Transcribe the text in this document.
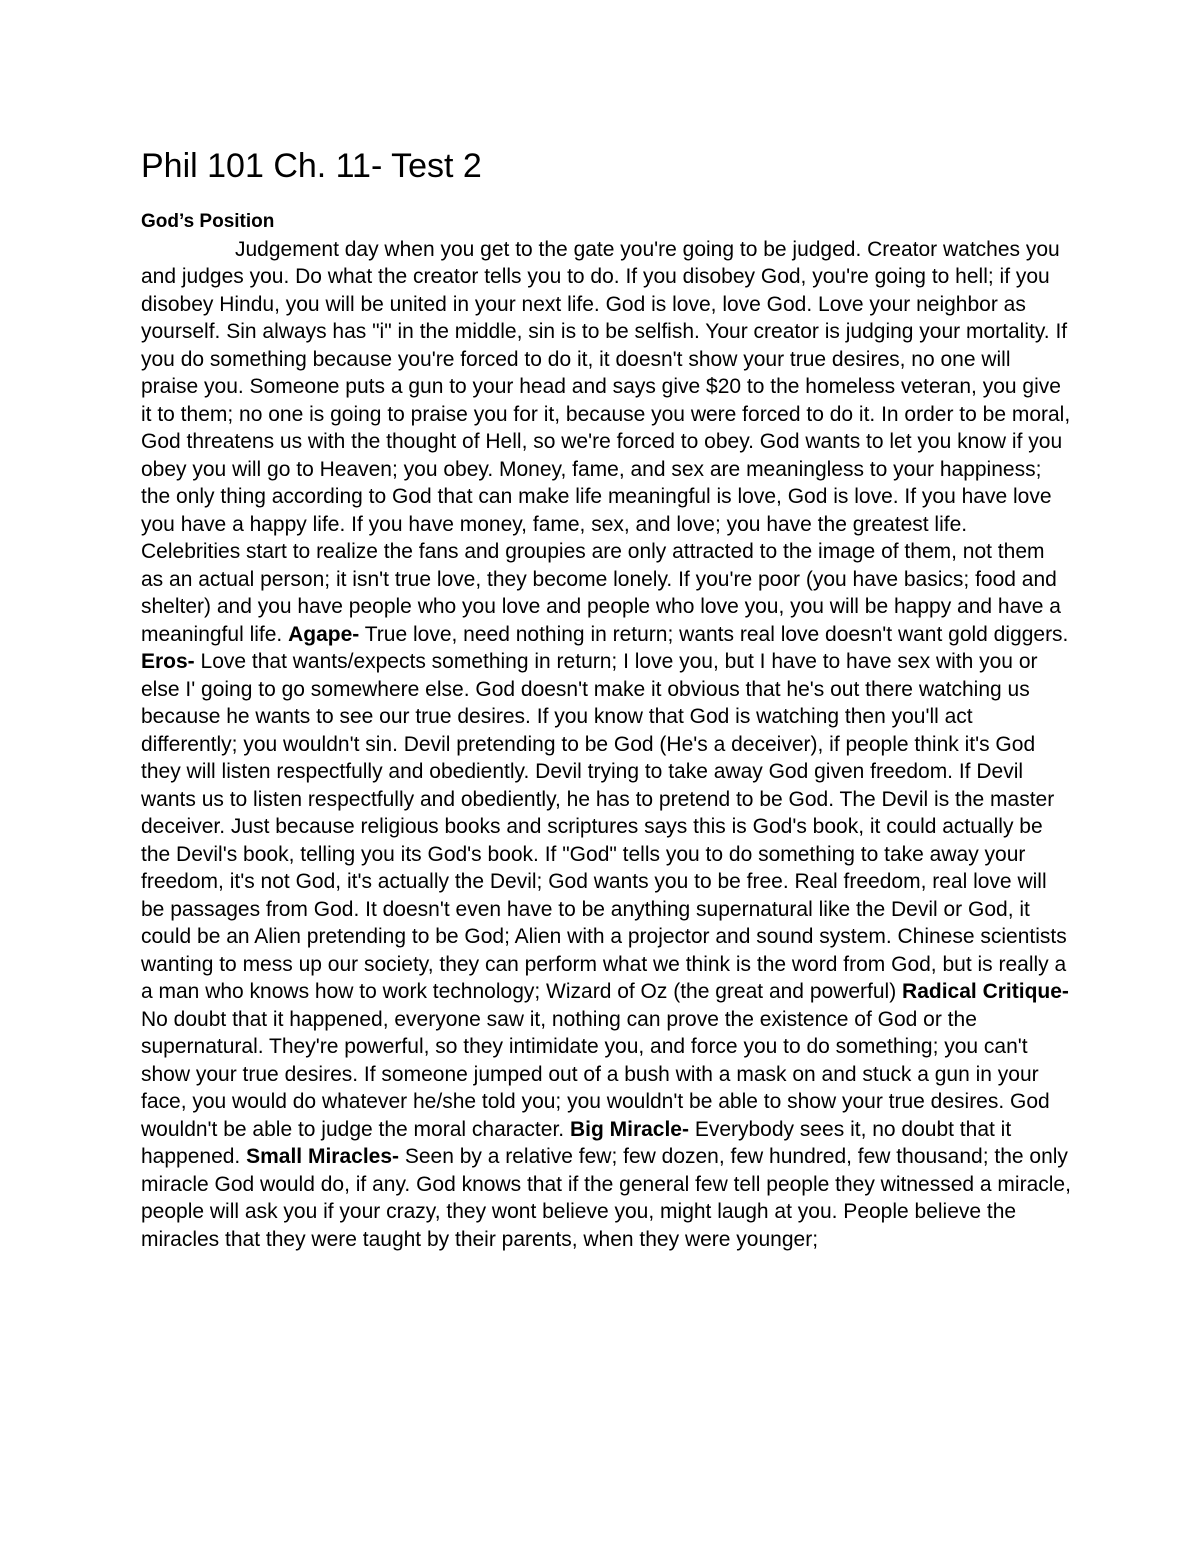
Phil 101 Ch. 11- Test 2

God’s Position

Judgement day when you get to the gate you're going to be judged. Creator watches you and judges you. Do what the creator tells you to do. If you disobey God, you're going to hell; if you disobey Hindu, you will be united in your next life. God is love, love God. Love your neighbor as yourself. Sin always has "i" in the middle, sin is to be selfish. Your creator is judging your mortality. If you do something because you're forced to do it, it doesn't show your true desires, no one will praise you. Someone puts a gun to your head and says give $20 to the homeless veteran, you give it to them; no one is going to praise you for it, because you were forced to do it. In order to be moral, God threatens us with the thought of Hell, so we're forced to obey. God wants to let you know if you obey you will go to Heaven; you obey. Money, fame, and sex are meaningless to your happiness; the only thing according to God that can make life meaningful is love, God is love. If you have love you have a happy life. If you have money, fame, sex, and love; you have the greatest life. Celebrities start to realize the fans and groupies are only attracted to the image of them, not them as an actual person; it isn't true love, they become lonely. If you're poor (you have basics; food and shelter) and you have people who you love and people who love you, you will be happy and have a meaningful life. Agape- True love, need nothing in return; wants real love doesn't want gold diggers. Eros- Love that wants/expects something in return; I love you, but I have to have sex with you or else I' going to go somewhere else. God doesn't make it obvious that he's out there watching us because he wants to see our true desires. If you know that God is watching then you'll act differently; you wouldn't sin. Devil pretending to be God (He's a deceiver), if people think it's God they will listen respectfully and obediently. Devil trying to take away God given freedom. If Devil wants us to listen respectfully and obediently, he has to pretend to be God. The Devil is the master deceiver. Just because religious books and scriptures says this is God's book, it could actually be the Devil's book, telling you its God's book. If "God" tells you to do something to take away your freedom, it's not God, it's actually the Devil; God wants you to be free. Real freedom, real love will be passages from God. It doesn't even have to be anything supernatural like the Devil or God, it could be an Alien pretending to be God; Alien with a projector and sound system. Chinese scientists wanting to mess up our society, they can perform what we think is the word from God, but is really a a man who knows how to work technology; Wizard of Oz (the great and powerful) Radical Critique- No doubt that it happened, everyone saw it, nothing can prove the existence of God or the supernatural. They're powerful, so they intimidate you, and force you to do something; you can't show your true desires. If someone jumped out of a bush with a mask on and stuck a gun in your face, you would do whatever he/she told you; you wouldn't be able to show your true desires. God wouldn't be able to judge the moral character. Big Miracle- Everybody sees it, no doubt that it happened. Small Miracles- Seen by a relative few; few dozen, few hundred, few thousand; the only miracle God would do, if any. God knows that if the general few tell people they witnessed a miracle, people will ask you if your crazy, they wont believe you, might laugh at you. People believe the miracles that they were taught by their parents, when they were younger;
